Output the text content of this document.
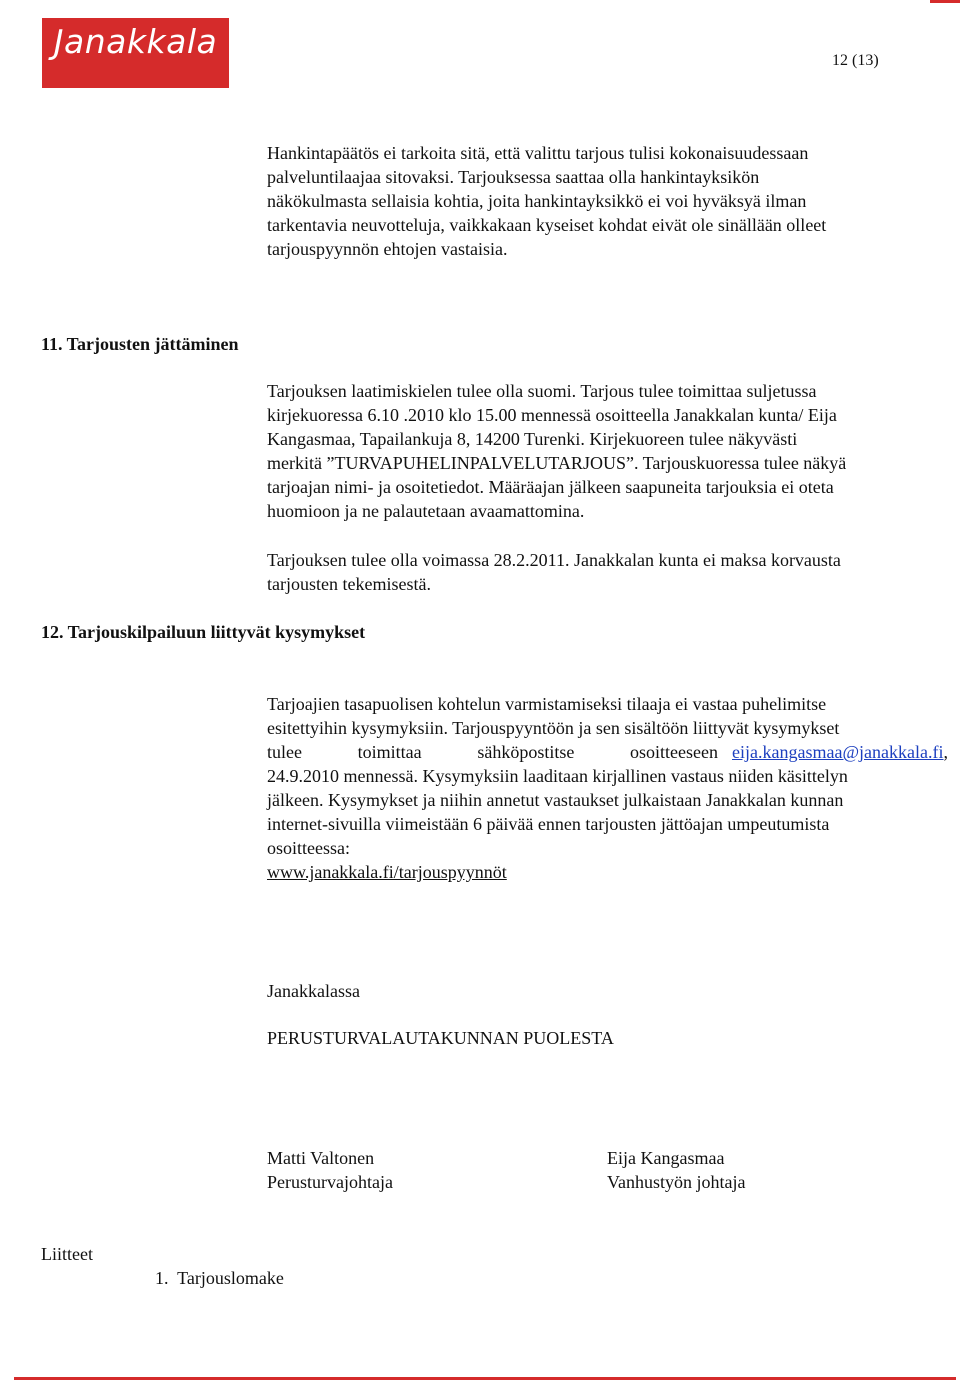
Janakkala	12 (13)
Hankintapäätös ei tarkoita sitä, että valittu tarjous tulisi kokonaisuudessaan
palveluntilaajaa sitovaksi. Tarjouksessa saattaa olla hankintayksikön
näkökulmasta sellaisia kohtia, joita hankintayksikkö ei voi hyväksyä ilman
tarkentavia neuvotteluja, vaikkakaan kyseiset kohdat eivät ole sinällään olleet
tarjouspyynnön ehtojen vastaisia.
11. Tarjousten jättäminen
Tarjouksen laatimiskielen tulee olla suomi. Tarjous tulee toimittaa suljetussa
kirjekuoressa 6.10 .2010 klo 15.00 mennessä osoitteella Janakkalan kunta/ Eija
Kangasmaa, Tapailankuja 8, 14200 Turenki. Kirjekuoreen tulee näkyvästi
merkitä ”TURVAPUHELINPALVELUTARJOUS”. Tarjouskuoressa tulee näkyä
tarjoajan nimi- ja osoitetiedot. Määräajan jälkeen saapuneita tarjouksia ei oteta
huomioon ja ne palautetaan avaamattomina.
Tarjouksen tulee olla voimassa 28.2.2011. Janakkalan kunta ei maksa korvausta
tarjousten tekemisestä.
12. Tarjouskilpailuun liittyvät kysymykset
Tarjoajien tasapuolisen kohtelun varmistamiseksi tilaaja ei vastaa puhelimitse
esitettyihin kysymyksiin. Tarjouspyyntöön ja sen sisältöön liittyvät kysymykset
tulee toimittaa sähköpostitse osoitteeseen eija.kangasmaa@janakkala.fi,
24.9.2010 mennessä. Kysymyksiin laaditaan kirjallinen vastaus niiden käsittelyn
jälkeen. Kysymykset ja niihin annetut vastaukset julkaistaan Janakkalan kunnan
internet-sivuilla viimeistään 6 päivää ennen tarjousten jättöajan umpeutumista
osoitteessa:
www.janakkala.fi/tarjouspyynnöt
Janakkalassa
PERUSTURVALAUTAKUNNAN PUOLESTA
Matti Valtonen
Perusturvajohtaja
Eija Kangasmaa
Vanhustyön johtaja
Liitteet
1.  Tarjouslomake
